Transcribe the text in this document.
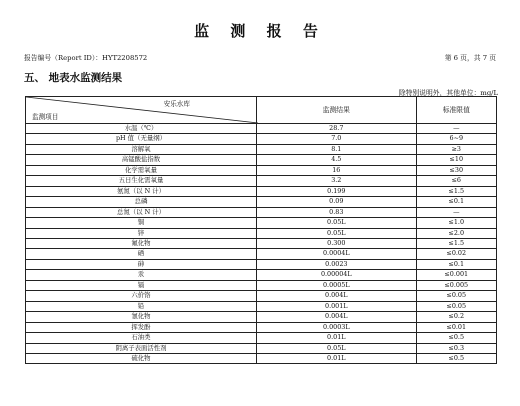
监 测 报 告
报告编号（Report ID）：HYT2208572	第 6 页，共 7 页
五、 地表水监测结果
除特别说明外，其他单位：mg/L
安乐水库
监测项目	监测结果	标准限值
水温（℃）	28.7	—
pH 值（无量纲）	7.0	6~9
溶解氧	8.1	≥3
高锰酸盐指数	4.5	≤10
化学需氧量	16	≤30
五日生化需氧量	3.2	≤6
氨氮（以 N 计）	0.199	≤1.5
总磷	0.09	≤0.1
总氮（以 N 计）	0.83	—
铜	0.05L	≤1.0
锌	0.05L	≤2.0
氟化物	0.300	≤1.5
硒	0.0004L	≤0.02
砷	0.0023	≤0.1
汞	0.00004L	≤0.001
镉	0.0005L	≤0.005
六价铬	0.004L	≤0.05
铅	0.001L	≤0.05
氰化物	0.004L	≤0.2
挥发酚	0.0003L	≤0.01
石油类	0.01L	≤0.5
阴离子表面活性剂	0.05L	≤0.3
硫化物	0.01L	≤0.5
